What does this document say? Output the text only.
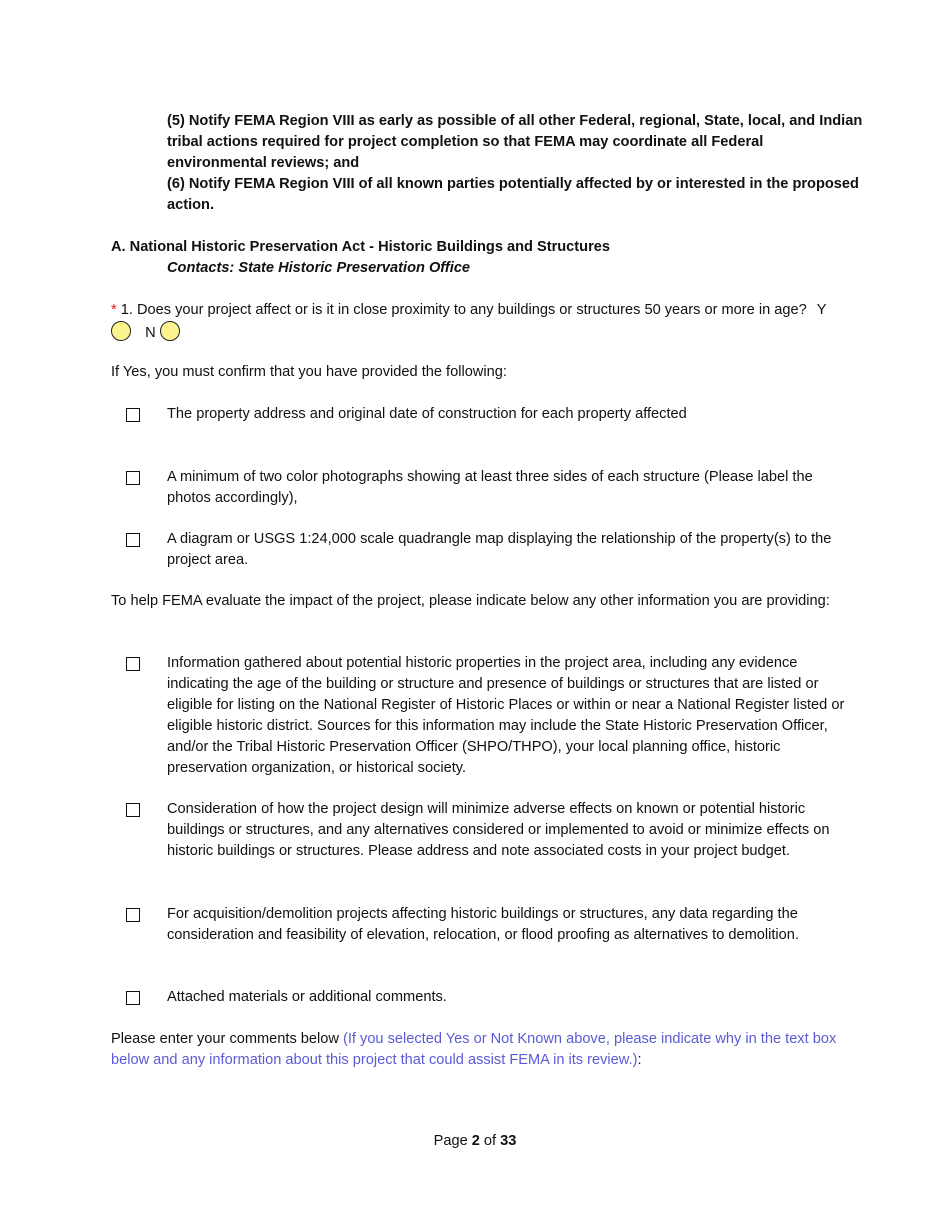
(5) Notify FEMA Region VIII as early as possible of all other Federal, regional, State, local, and Indian tribal actions required for project completion so that FEMA may coordinate all Federal environmental reviews; and

(6) Notify FEMA Region VIII of all known parties potentially affected by or interested in the proposed action.

A. National Historic Preservation Act - Historic Buildings and Structures
Contacts: State Historic Preservation Office
* 1. Does your project affect or is it in close proximity to any buildings or structures 50 years or more in age? Y N
If Yes, you must confirm that you have provided the following:
The property address and original date of construction for each property affected
A minimum of two color photographs showing at least three sides of each structure (Please label the photos accordingly),
A diagram or USGS 1:24,000 scale quadrangle map displaying the relationship of the property(s) to the project area.
To help FEMA evaluate the impact of the project, please indicate below any other information you are providing:
Information gathered about potential historic properties in the project area, including any evidence indicating the age of the building or structure and presence of buildings or structures that are listed or eligible for listing on the National Register of Historic Places or within or near a National Register listed or eligible historic district. Sources for this information may include the State Historic Preservation Officer, and/or the Tribal Historic Preservation Officer (SHPO/THPO), your local planning office, historic preservation organization, or historical society.
Consideration of how the project design will minimize adverse effects on known or potential historic buildings or structures, and any alternatives considered or implemented to avoid or minimize effects on historic buildings or structures. Please address and note associated costs in your project budget.
For acquisition/demolition projects affecting historic buildings or structures, any data regarding the consideration and feasibility of elevation, relocation, or flood proofing as alternatives to demolition.
Attached materials or additional comments.
Please enter your comments below (If you selected Yes or Not Known above, please indicate why in the text box below and any information about this project that could assist FEMA in its review.):
Page 2 of 33
